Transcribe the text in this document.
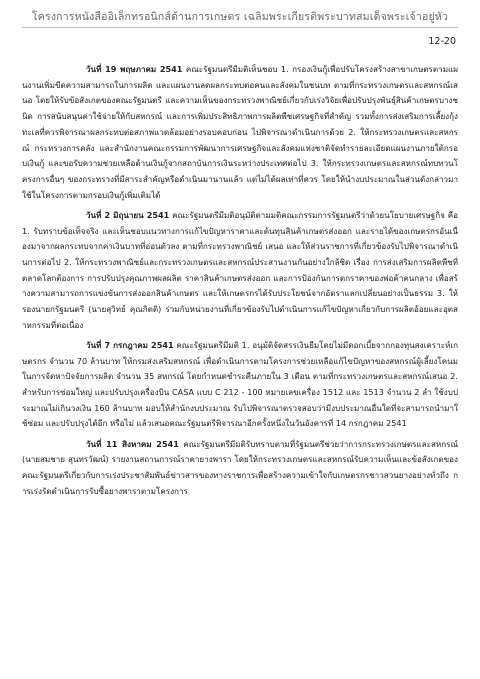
โครงการหนังสืออิเล็กทรอนิกส์ด้านการเกษตร เฉลิมพระเกียรติพระบาทสมเด็จพระเจ้าอยู่หัว
12-20

วันที่ 19 พฤษภาคม 2541 คณะรัฐมนตรีมีมติเห็นชอบ 1. กรองเงินกู้เพื่อปรับโครงสร้างสาขาเกษตรตามแผนงานเพิ่มขีดความสามารถในการผลิต และแผนงานลดผลกระทบต่อคนและสังคมในชนบท ตามที่กระทรวงเกษตรและสหกรณ์เสนอ โดยให้รับข้อสังเกตของคณะรัฐมนตรี และความเห็นของกระทรวงพาณิชย์เกี่ยวกับเร่งวิจัยเพื่อปรับปรุงพันธุ์สินค้าเกษตรบางชนิด การสนับสนุนค่าใช้จ่ายให้กับสหกรณ์ และการเพิ่มประสิทธิภาพการผลิตพืชเศรษฐกิจที่สำคัญ รวมทั้งการส่งเสริมการเลี้ยงกุ้งทะเลที่ควรพิจารณาผลกระทบต่อสภาพแวดล้อมอย่างรอบคอบก่อน ไปพิจารณาดำเนินการด้วย 2. ให้กระทรวงเกษตรและสหกรณ์ กระทรวงการคลัง และสำนักงานคณะกรรมการพัฒนาการเศรษฐกิจและสังคมแห่งชาติจัดทำรายละเอียดแผนงานภายใต้กรอบเงินกู้ และขอรับความช่วยเหลือด้านเงินกู้จากสถาบันการเงินระหว่างประเทศต่อไป 3. ให้กระทรวงเกษตรและสหกรณ์ทบทวนโครงการอื่นๆ ของกระทรวงที่มีสาระสำคัญหรือดำเนินมานานแล้ว แต่ไม่ได้ผลเท่าที่ควร โดยให้นำงบประมาณในส่วนดังกล่าวมาใช้ในโครงการตามกรอบเงินกู้เพิ่มเติมได้

วันที่ 2 มิถุนายน 2541 คณะรัฐมนตรีมีมติอนุมัติตามมติคณะกรรมการรัฐมนตรีว่าด้วยนโยบายเศรษฐกิจ คือ 1. รับทราบข้อเท็จจริง และเห็นชอบแนวทางการแก้ไขปัญหาราคาและต้นทุนสินค้าเกษตรส่งออก และรายได้ของเกษตรกรอันเนื่องมาจากผลกระทบจากค่าเงินบาทที่อ่อนตัวลง ตามที่กระทรวงพาณิชย์ เสนอ และให้ส่วนราชการที่เกี่ยวข้องรับไปพิจารณาดำเนินการต่อไป 2. ให้กระทรวงพาณิชย์และกระทรวงเกษตรและสหกรณ์ประสานงานกันอย่างใกล้ชิด เรื่อง การส่งเสริมการผลิตพืชที่ตลาดโลกต้องการ การปรับปรุงคุณภาพผลผลิต ราคาสินค้าเกษตรส่งออก และการป้องกันการตกราคาของพ่อค้าคนกลาง เพื่อสร้างความสามารถการแข่งขันการส่งออกสินค้าเกษตร และให้เกษตรกรได้รับประโยชน์จากอัตราแลกเปลี่ยนอย่างเป็นธรรม 3. ให้รองนายกรัฐมนตรี (นายสุวิทย์ คุณกิตติ) ร่วมกับหน่วยงานที่เกี่ยวข้องรับไปดำเนินการแก้ไขปัญหาเกี่ยวกับการผลิตอ้อยและอุตสาหกรรมที่ต่อเนื่อง

วันที่ 7 กรกฎาคม 2541 คณะรัฐมนตรีมีมติ 1. อนุมัติจัดสรรเงินยืมโดยไม่มีดอกเบี้ยจากกองทุนสงเคราะห์เกษตรกร จำนวน 70 ล้านบาท ให้กรมส่งเสริมสหกรณ์ เพื่อดำเนินการตามโครงการช่วยเหลือแก้ไขปัญหาของสหกรณ์ผู้เลี้ยงโคนมในการจัดหาปัจจัยการผลิต จำนวน 35 สหกรณ์ โดยกำหนดชำระคืนภายใน 3 เดือน ตามที่กระทรวงเกษตรและสหกรณ์เสนอ 2. สำหรับการซ่อมใหญ่ และปรับปรุงเครื่องบิน CASA แบบ C 212 - 100 หมายเลขเครื่อง 1512 และ 1513 จำนวน 2 ลำ ใช้งบประมาณไม่เกินวงเงิน 160 ล้านบาท มอบให้สำนักงบประมาณ รับไปพิจารณาตรวจสอบว่ามีงบประมาณอื่นใดที่จะสามารถนำมาใช้ซ่อม และปรับปรุงได้อีก หรือไม่ แล้วเสนอคณะรัฐมนตรีพิจารณาอีกครั้งหนึ่งในวันอังคารที่ 14 กรกฎาคม 2541

วันที่ 11 สิงหาคม 2541 คณะรัฐมนตรีมีมติรับทราบตามที่รัฐมนตรีช่วยว่าการกระทรวงเกษตรและสหกรณ์ (นายสมชาย สุนทรวัฒน์) รายงานสถานการณ์ราคายางพารา โดยให้กระทรวงเกษตรและสหกรณ์รับความเห็นและข้อสังเกตของคณะรัฐมนตรีเกี่ยวกับการเร่งประชาสัมพันธ์ข่าวสารของทางราชการเพื่อสร้างความเข้าใจกับเกษตรกรชาวสวนยางอย่างทั่วถึง การเร่งรัดดำเนินการรับซื้อยางพาราตามโครงการ
